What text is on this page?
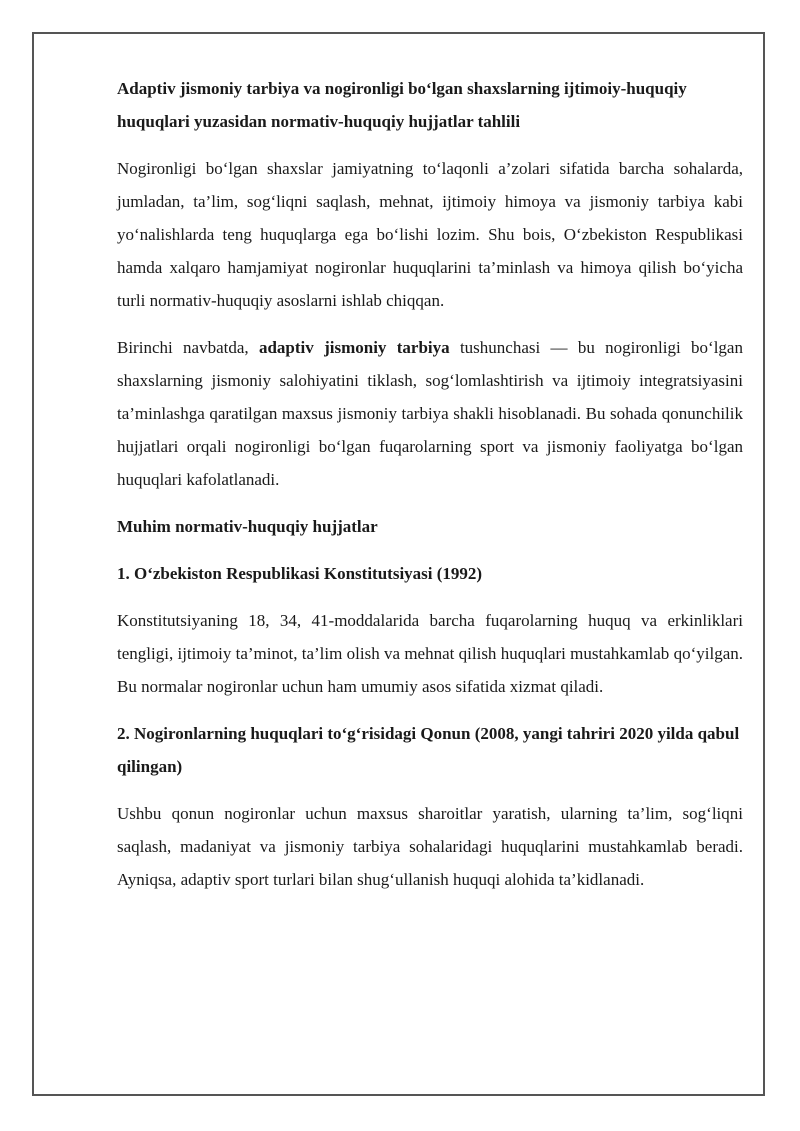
Adaptiv jismoniy tarbiya va nogironligi bo‘lgan shaxslarning ijtimoiy-huquqiy huquqlari yuzasidan normativ-huquqiy hujjatlar tahlili

Nogironligi bo‘lgan shaxslar jamiyatning to‘laqonli a’zolari sifatida barcha sohalarda, jumladan, ta’lim, sog‘liqni saqlash, mehnat, ijtimoiy himoya va jismoniy tarbiya kabi yo‘nalishlarda teng huquqlarga ega bo‘lishi lozim. Shu bois, O‘zbekiston Respublikasi hamda xalqaro hamjamiyat nogironlar huquqlarini ta’minlash va himoya qilish bo‘yicha turli normativ-huquqiy asoslarni ishlab chiqqan.

Birinchi navbatda, adaptiv jismoniy tarbiya tushunchasi — bu nogironligi bo‘lgan shaxslarning jismoniy salohiyatini tiklash, sog‘lomlashtirish va ijtimoiy integratsiyasini ta’minlashga qaratilgan maxsus jismoniy tarbiya shakli hisoblanadi. Bu sohada qonunchilik hujjatlari orqali nogironligi bo‘lgan fuqarolarning sport va jismoniy faoliyatga bo‘lgan huquqlari kafolatlanadi.

Muhim normativ-huquqiy hujjatlar

1. O‘zbekiston Respublikasi Konstitutsiyasi (1992)

Konstitutsiyaning 18, 34, 41-moddalarida barcha fuqarolarning huquq va erkinliklari tengligi, ijtimoiy ta’minot, ta’lim olish va mehnat qilish huquqlari mustahkamlab qo‘yilgan. Bu normalar nogironlar uchun ham umumiy asos sifatida xizmat qiladi.

2. Nogironlarning huquqlari to‘g‘risidagi Qonun (2008, yangi tahriri 2020 yilda qabul qilingan)

Ushbu qonun nogironlar uchun maxsus sharoitlar yaratish, ularning ta’lim, sog‘liqni saqlash, madaniyat va jismoniy tarbiya sohalaridagi huquqlarini mustahkamlab beradi. Ayniqsa, adaptiv sport turlari bilan shug‘ullanish huquqi alohida ta’kidlanadi.
